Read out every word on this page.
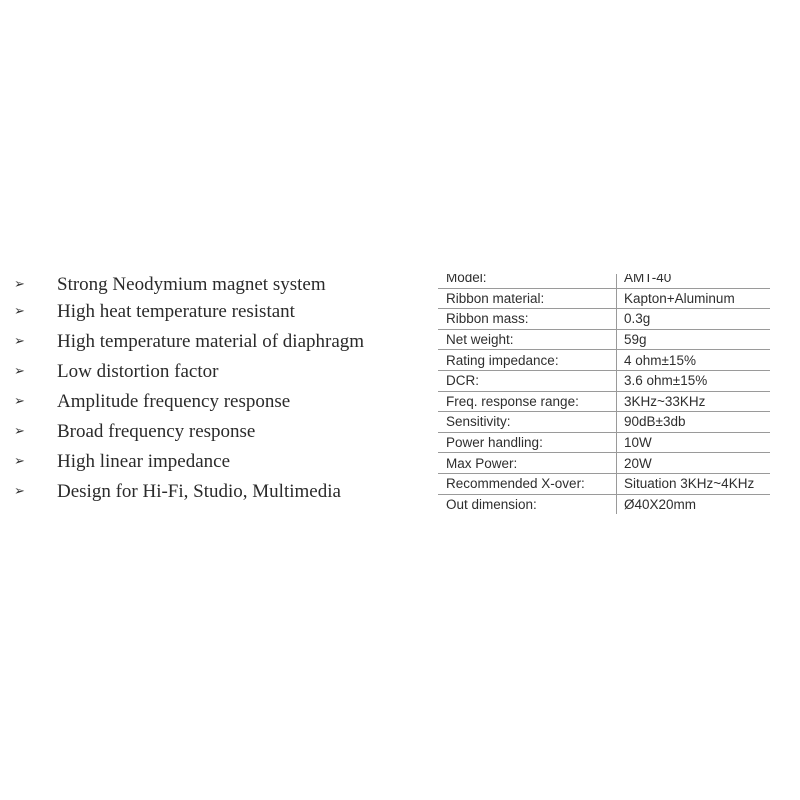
➢ Strong Neodymium magnet system
➢ High heat temperature resistant
➢ High temperature material of diaphragm
➢ Low distortion factor
➢ Amplitude frequency response
➢ Broad frequency response
➢ High linear impedance
➢ Design for Hi-Fi, Studio, Multimedia
Model:	AMT-40
Ribbon material:	Kapton+Aluminum
Ribbon mass:	0.3g
Net weight:	59g
Rating impedance:	4 ohm±15%
DCR:	3.6 ohm±15%
Freq. response range:	3KHz~33KHz
Sensitivity:	90dB±3db
Power handling:	10W
Max Power:	20W
Recommended X-over:	Situation 3KHz~4KHz
Out dimension:	Ø40X20mm
